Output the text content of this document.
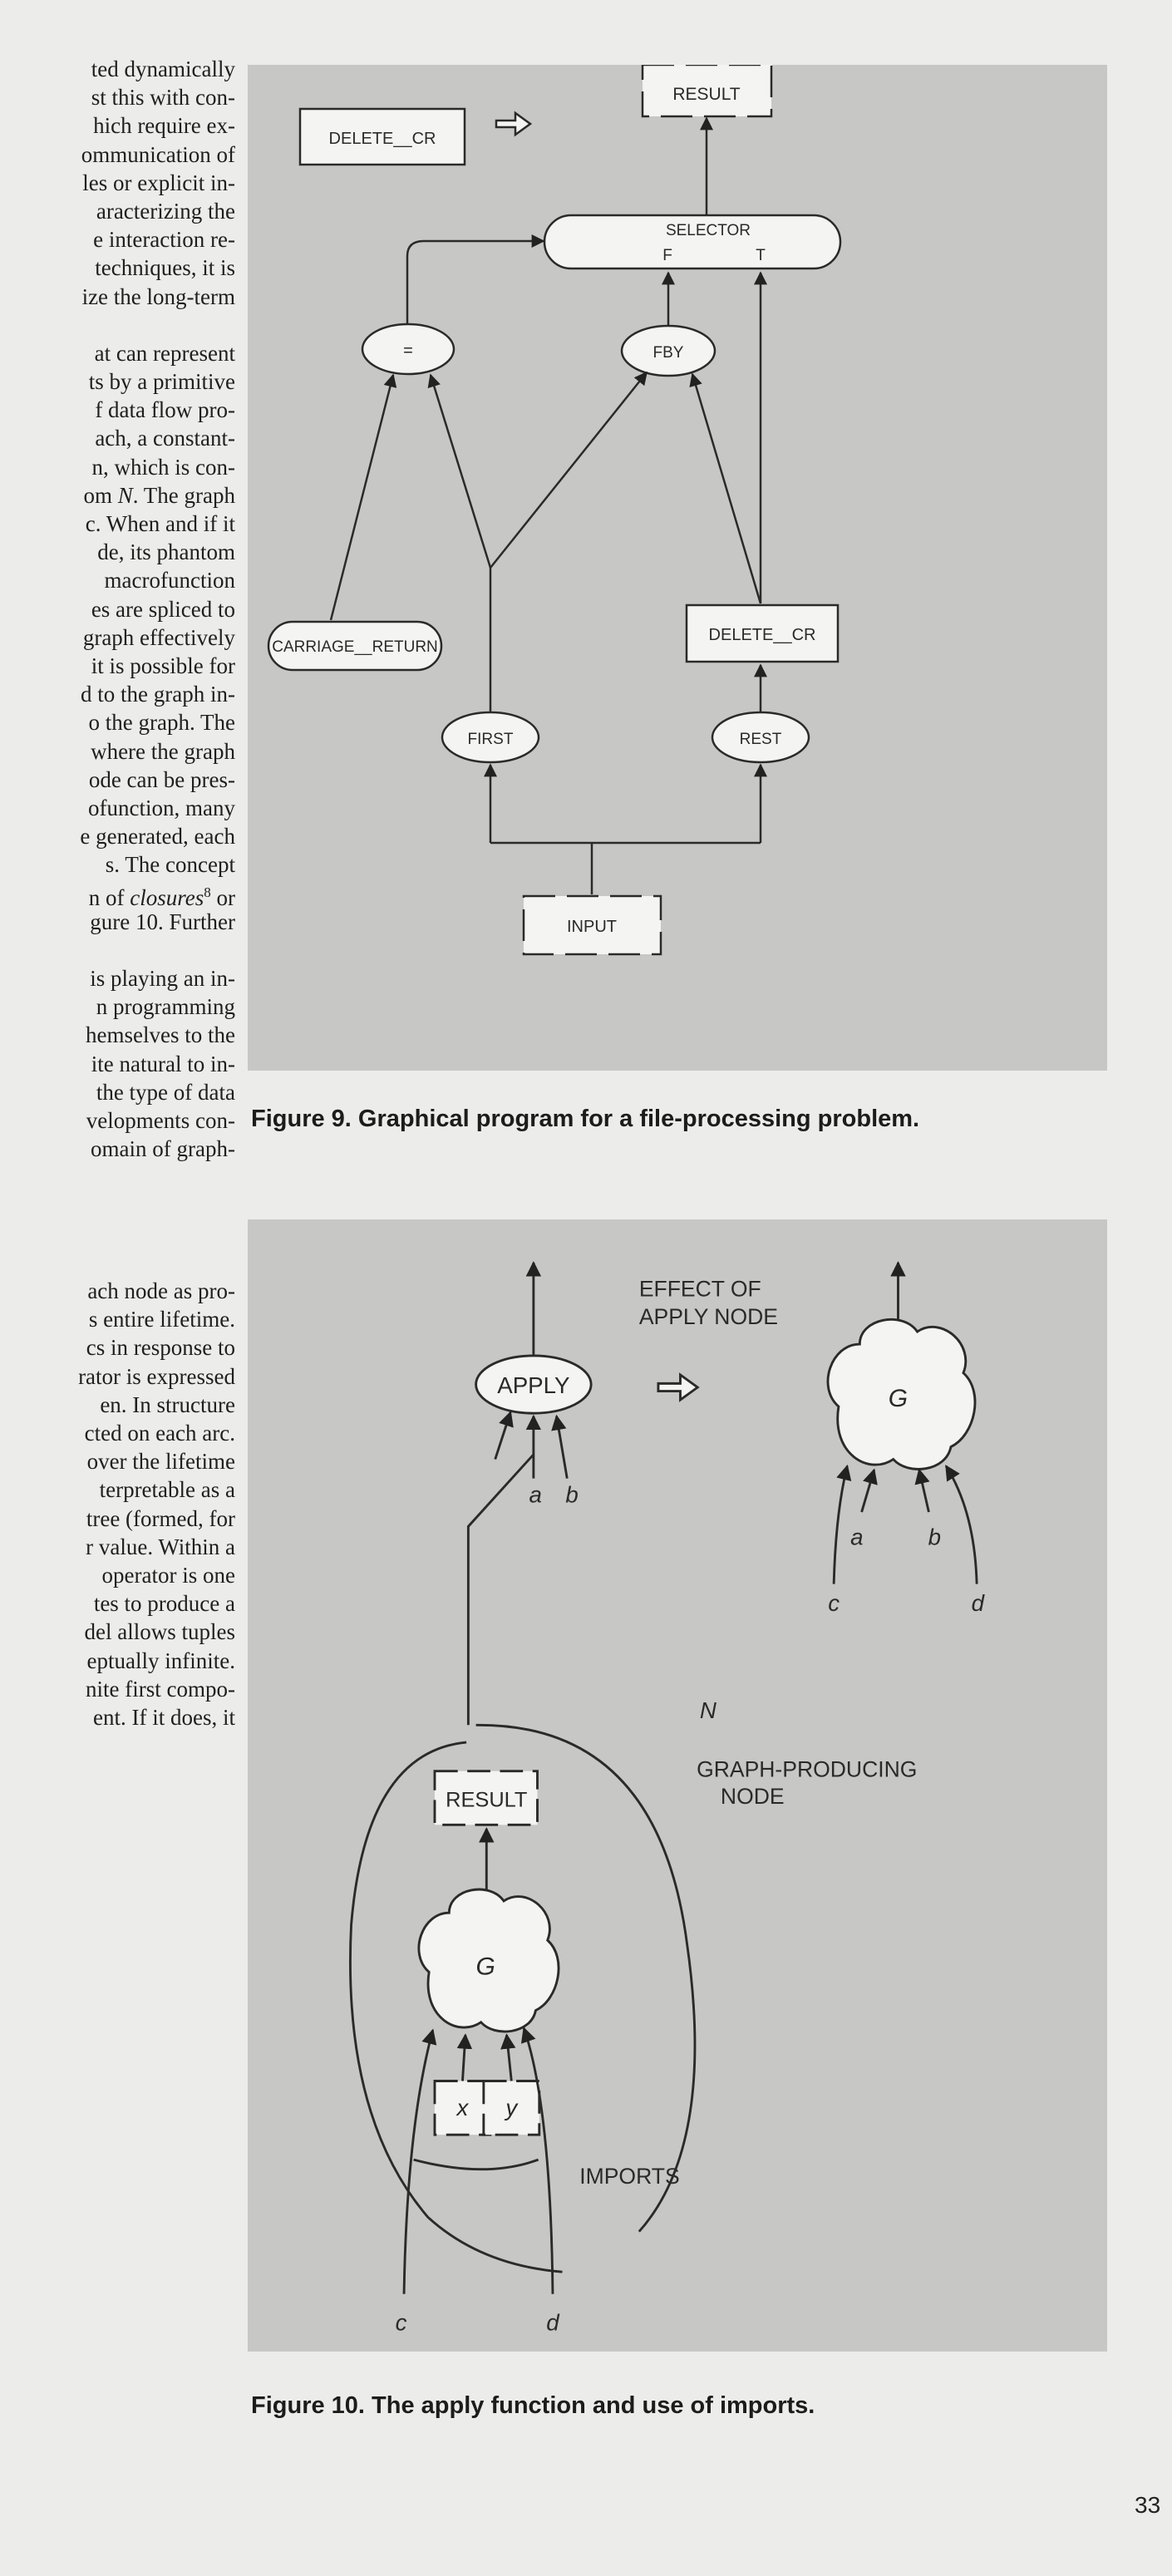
ted dynamically
st this with con-
hich require ex-
ommunication of
les or explicit in-
aracterizing the
e interaction re-
techniques, it is
ize the long-term
at can represent
ts by a primitive
f data flow pro-
ach, a constant-
n, which is con-
om N. The graph
c. When and if it
de, its phantom
macrofunction
es are spliced to
graph effectively
it is possible for
d to the graph in-
o the graph. The
where the graph
ode can be pres-
ofunction, many
e generated, each
s. The concept
n of closures$^8$ or
gure 10. Further
is playing an in-
n programming
hemselves to the
ite natural to in-
the type of data
velopments con-
omain of graph-
ach node as pro-
s entire lifetime.
cs in response to
rator is expressed
en. In structure
cted on each arc.
over the lifetime
terpretable as a
tree (formed, for
r value. Within a
operator is one
tes to produce a
del allows tuples
eptually infinite.
nite first compo-
ent. If it does, it
RESULT
DELETE__CR
SELECTOR
F	T
=	FBY
CARRIAGE__RETURN
DELETE__CR
FIRST	REST
INPUT
Figure 9. Graphical program for a file-processing problem.
APPLY
a b
EFFECT OF
APPLY NODE
G
a	b
c	d
N
GRAPH-PRODUCING
NODE
RESULT
G
x y
IMPORTS
c	d
Figure 10. The apply function and use of imports.
33
